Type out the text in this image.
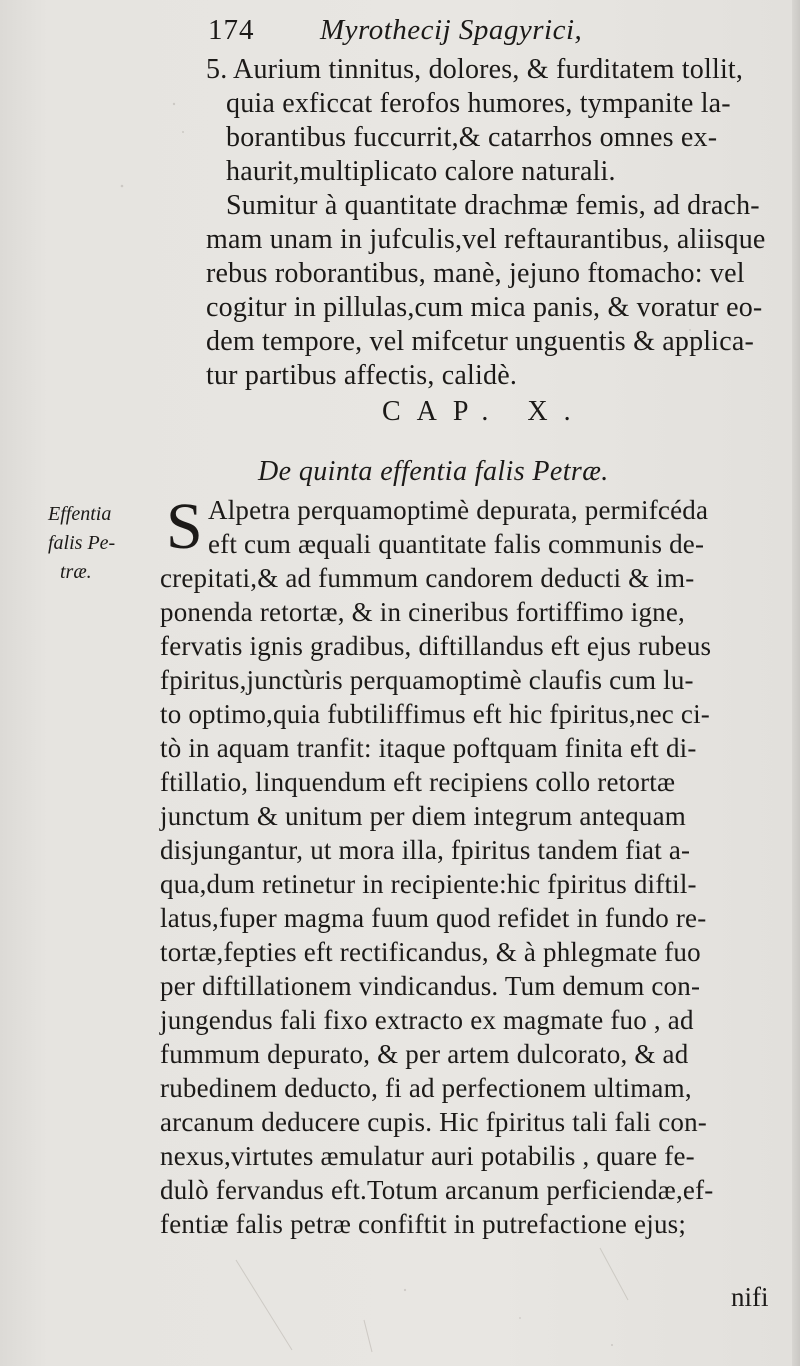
174 Myrothecij Spagyrici,
5. Aurium tinnitus, dolores, & furditatem tollit,
quia exficcat ferofos humores, tympanite la-
borantibus fuccurrit,& catarrhos omnes ex-
haurit,multiplicato calore naturali.
Sumitur à quantitate drachmæ femis, ad drach-
mam unam in jufculis,vel reftaurantibus, aliisque
rebus roborantibus, manè, jejuno ftomacho: vel
cogitur in pillulas,cum mica panis, & voratur eo-
dem tempore, vel mifcetur unguentis & applica-
tur partibus affectis, calidè.
CAP. X.
De quinta effentia falis Petræ.
Effentia
falis Pe-
træ.
S Alpetra perquamoptimè depurata, permifcéda
eft cum æquali quantitate falis communis de-
crepitati,& ad fummum candorem deducti & im-
ponenda retortæ, & in cineribus fortiffimo igne,
fervatis ignis gradibus, diftillandus eft ejus rubeus
fpiritus,junctùris perquamoptimè claufis cum lu-
to optimo,quia fubtiliffimus eft hic fpiritus,nec ci-
tò in aquam tranfit: itaque poftquam finita eft di-
ftillatio, linquendum eft recipiens collo retortæ
junctum & unitum per diem integrum antequam
disjungantur, ut mora illa, fpiritus tandem fiat a-
qua,dum retinetur in recipiente:hic fpiritus diftil-
latus,fuper magma fuum quod refidet in fundo re-
tortæ,fepties eft rectificandus, & à phlegmate fuo
per diftillationem vindicandus. Tum demum con-
jungendus fali fixo extracto ex magmate fuo , ad
fummum depurato, & per artem dulcorato, & ad
rubedinem deducto, fi ad perfectionem ultimam,
arcanum deducere cupis. Hic fpiritus tali fali con-
nexus,virtutes æmulatur auri potabilis , quare fe-
dulò fervandus eft.Totum arcanum perficiendæ,ef-
fentiæ falis petræ confiftit in putrefactione ejus;
nifi
